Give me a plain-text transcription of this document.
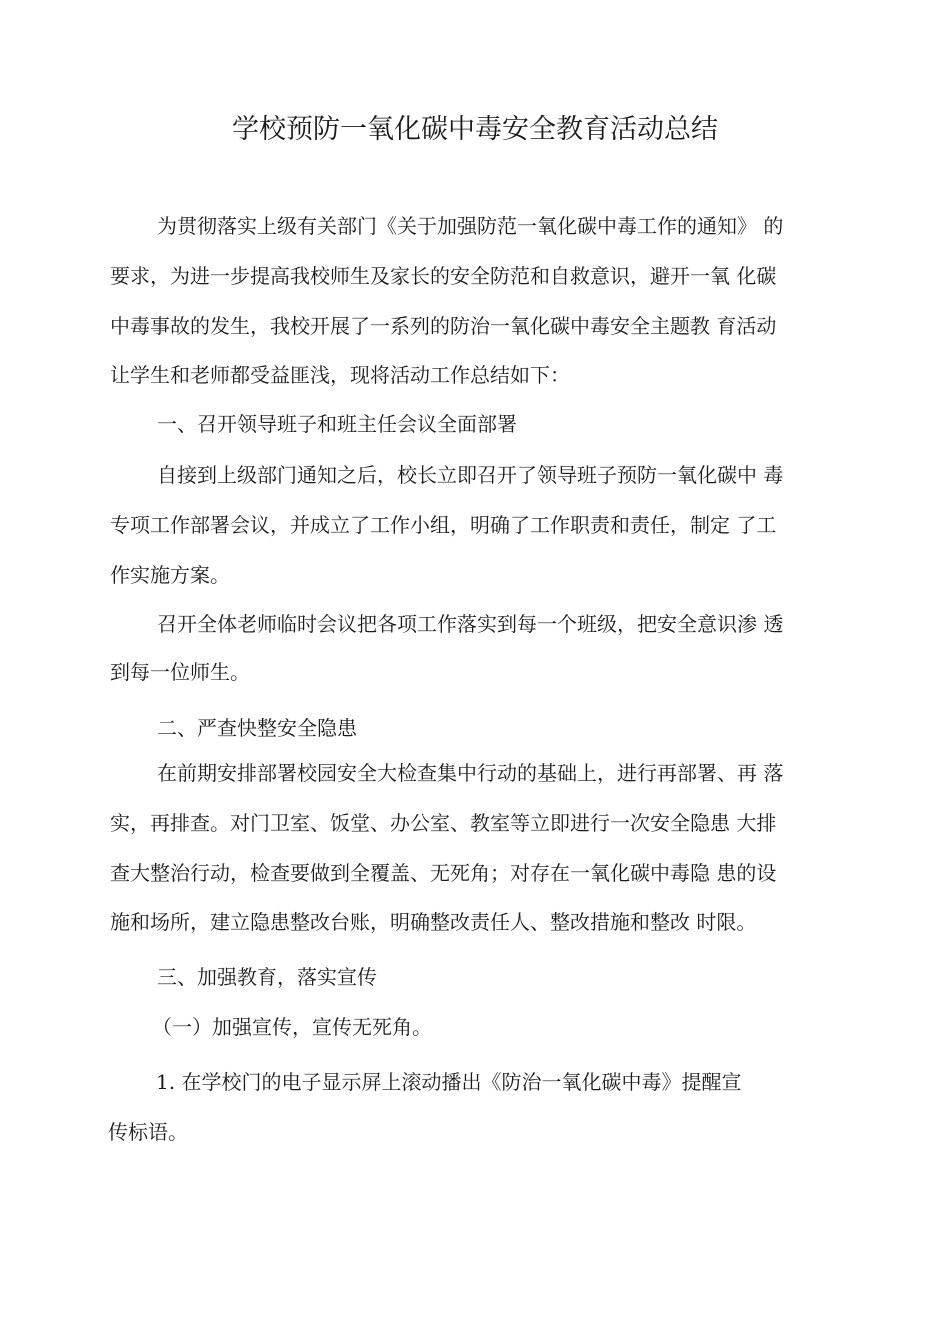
学校预防一氧化碳中毒安全教育活动总结
为贯彻落实上级有关部门《关于加强防范一氧化碳中毒工作的通知》 的
要求，为进一步提高我校师生及家长的安全防范和自救意识，避开一氧 化碳
中毒事故的发生，我校开展了一系列的防治一氧化碳中毒安全主题教 育活动
让学生和老师都受益匪浅，现将活动工作总结如下：
一、召开领导班子和班主任会议全面部署
自接到上级部门通知之后，校长立即召开了领导班子预防一氧化碳中 毒
专项工作部署会议，并成立了工作小组，明确了工作职责和责任，制定 了工
作实施方案。
召开全体老师临时会议把各项工作落实到每一个班级，把安全意识渗 透
到每一位师生。
二、严查快整安全隐患
在前期安排部署校园安全大检查集中行动的基础上，进行再部署、再 落
实，再排查。对门卫室、饭堂、办公室、教室等立即进行一次安全隐患 大排
查大整治行动，检查要做到全覆盖、无死角；对存在一氧化碳中毒隐 患的设
施和场所，建立隐患整改台账，明确整改责任人、整改措施和整改 时限。
三、加强教育，落实宣传
（一）加强宣传，宣传无死角。
1. 在学校门的电子显示屏上滚动播出《防治一氧化碳中毒》提醒宣
传标语。
